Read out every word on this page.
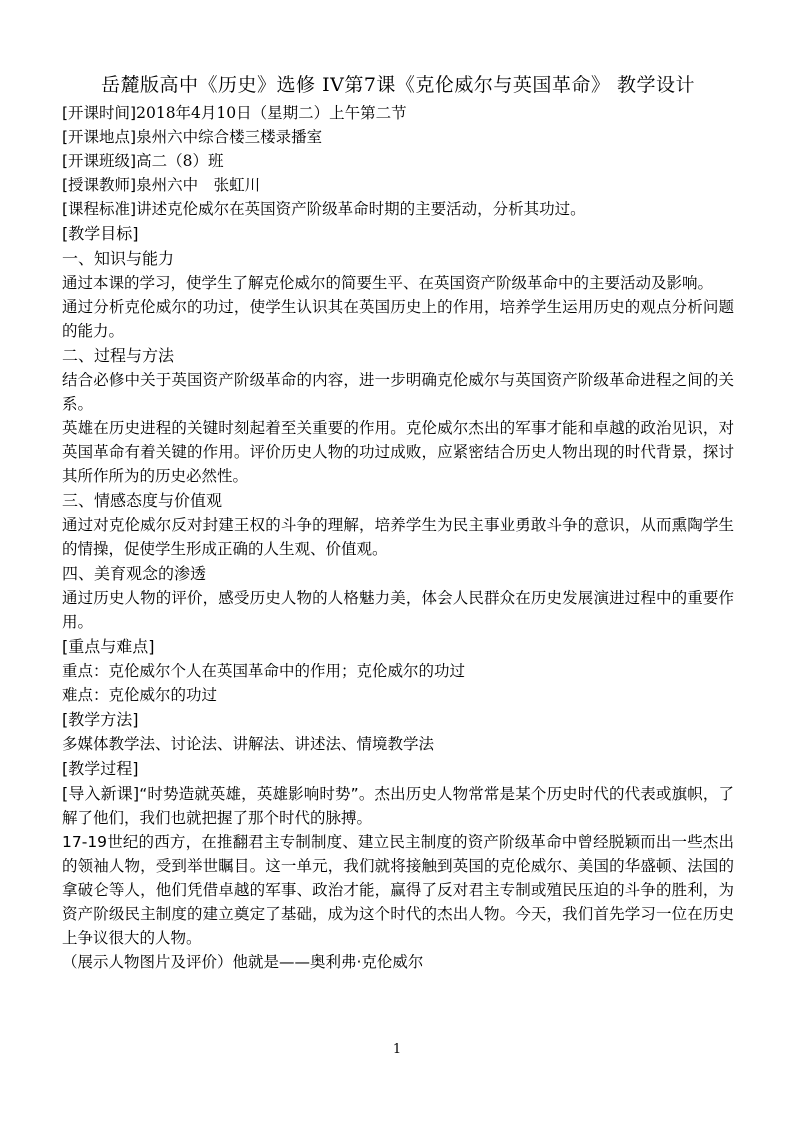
岳麓版高中《历史》选修 IV第7课《克伦威尔与英国革命》 教学设计

[开课时间]2018年4月10日（星期二）上午第二节

[开课地点]泉州六中综合楼三楼录播室

[开课班级]高二（8）班

[授课教师]泉州六中　张虹川

[课程标准]讲述克伦威尔在英国资产阶级革命时期的主要活动，分析其功过。

[教学目标]

一、知识与能力

通过本课的学习，使学生了解克伦威尔的简要生平、在英国资产阶级革命中的主要活动及影响。

通过分析克伦威尔的功过，使学生认识其在英国历史上的作用，培养学生运用历史的观点分析问题的能力。

二、过程与方法

结合必修中关于英国资产阶级革命的内容，进一步明确克伦威尔与英国资产阶级革命进程之间的关系。

英雄在历史进程的关键时刻起着至关重要的作用。克伦威尔杰出的军事才能和卓越的政治见识，对英国革命有着关键的作用。评价历史人物的功过成败，应紧密结合历史人物出现的时代背景，探讨其所作所为的历史必然性。

三、情感态度与价值观

通过对克伦威尔反对封建王权的斗争的理解，培养学生为民主事业勇敢斗争的意识，从而熏陶学生的情操，促使学生形成正确的人生观、价值观。

四、美育观念的渗透

通过历史人物的评价，感受历史人物的人格魅力美，体会人民群众在历史发展演进过程中的重要作用。

[重点与难点]

重点：克伦威尔个人在英国革命中的作用；克伦威尔的功过

难点：克伦威尔的功过

[教学方法]

多媒体教学法、讨论法、讲解法、讲述法、情境教学法

[教学过程]

[导入新课]“时势造就英雄，英雄影响时势”。杰出历史人物常常是某个历史时代的代表或旗帜，了解了他们，我们也就把握了那个时代的脉搏。

17-19世纪的西方，在推翻君主专制制度、建立民主制度的资产阶级革命中曾经脱颖而出一些杰出的领袖人物，受到举世瞩目。这一单元，我们就将接触到英国的克伦威尔、美国的华盛顿、法国的拿破仑等人，他们凭借卓越的军事、政治才能，赢得了反对君主专制或殖民压迫的斗争的胜利，为资产阶级民主制度的建立奠定了基础，成为这个时代的杰出人物。今天，我们首先学习一位在历史上争议很大的人物。

（展示人物图片及评价）他就是——奥利弗·克伦威尔

1
